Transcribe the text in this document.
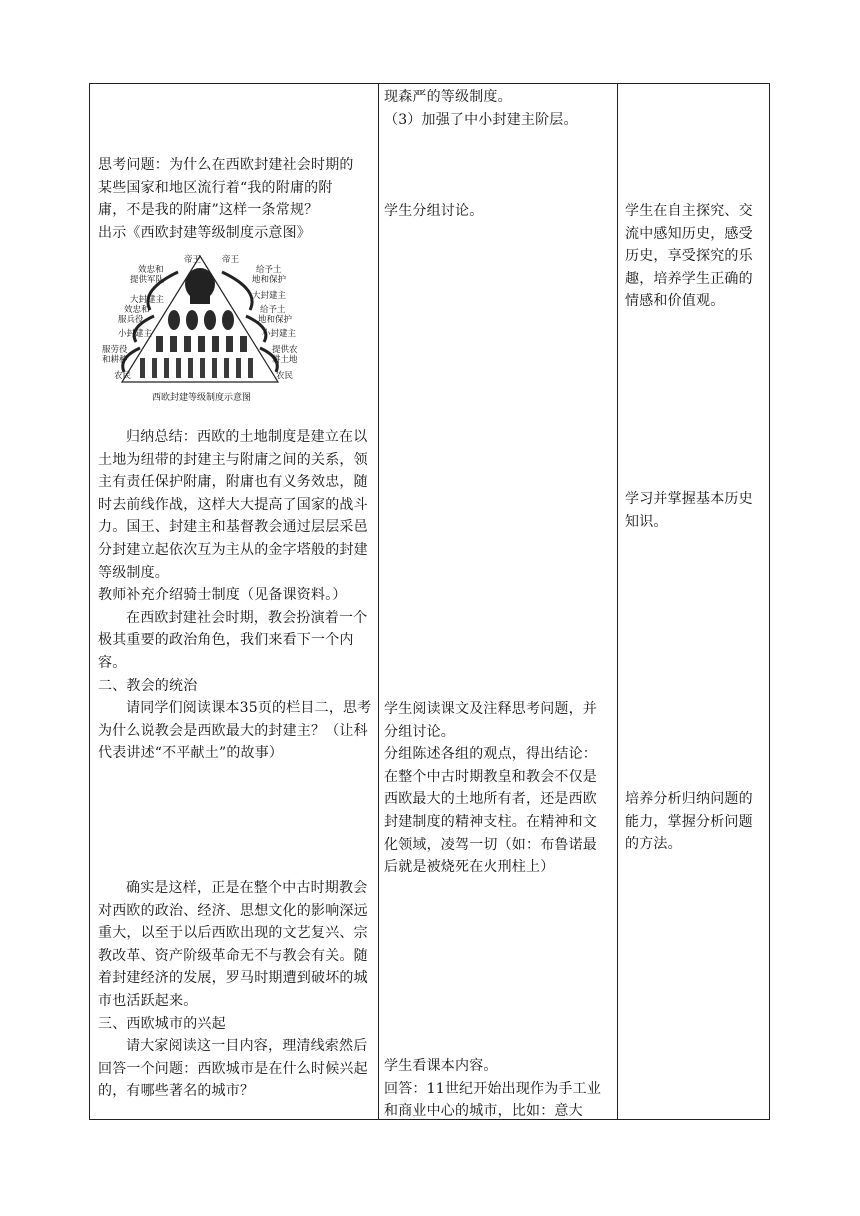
思考问题：为什么在西欧封建社会时期的

某些国家和地区流行着“我的附庸的附

庸，不是我的附庸”这样一条常规？

出示《西欧封建等级制度示意图》

帝王 帝王
效忠和
提供军队
大封建主
效忠和
服兵役
小封建主
服劳役
和耕种
农民
给予土
地和保护
大封建主
给予土
地和保护
小封建主
提供农
耕土地
农民
西欧封建等级制度示意图

归纳总结：西欧的土地制度是建立在以土地为纽带的封建主与附庸之间的关系，领主有责任保护附庸，附庸也有义务效忠，随时去前线作战，这样大大提高了国家的战斗力。国王、封建主和基督教会通过层层采邑分封建立起依次互为主从的金字塔般的封建等级制度。

教师补充介绍骑士制度（见备课资料。）

在西欧封建社会时期，教会扮演着一个极其重要的政治角色，我们来看下一个内容。

二、教会的统治

请同学们阅读课本35页的栏目二，思考为什么说教会是西欧最大的封建主？（让科代表讲述“不平献土”的故事）

确实是这样，正是在整个中古时期教会对西欧的政治、经济、思想文化的影响深远重大，以至于以后西欧出现的文艺复兴、宗教改革、资产阶级革命无不与教会有关。随着封建经济的发展，罗马时期遭到破坏的城市也活跃起来。

三、西欧城市的兴起

请大家阅读这一目内容，理清线索然后回答一个问题：西欧城市是在什么时候兴起的，有哪些著名的城市？

现森严的等级制度。

（3）加强了中小封建主阶层。

学生分组讨论。

学生阅读课文及注释思考问题，并分组讨论。

分组陈述各组的观点，得出结论：在整个中古时期教皇和教会不仅是西欧最大的土地所有者，还是西欧封建制度的精神支柱。在精神和文化领域，凌驾一切（如：布鲁诺最后就是被烧死在火刑柱上）

学生看课本内容。

回答：11世纪开始出现作为手工业和商业中心的城市，比如：意大

学生在自主探究、交流中感知历史，感受历史，享受探究的乐趣，培养学生正确的情感和价值观。

学习并掌握基本历史知识。

培养分析归纳问题的能力，掌握分析问题的方法。
